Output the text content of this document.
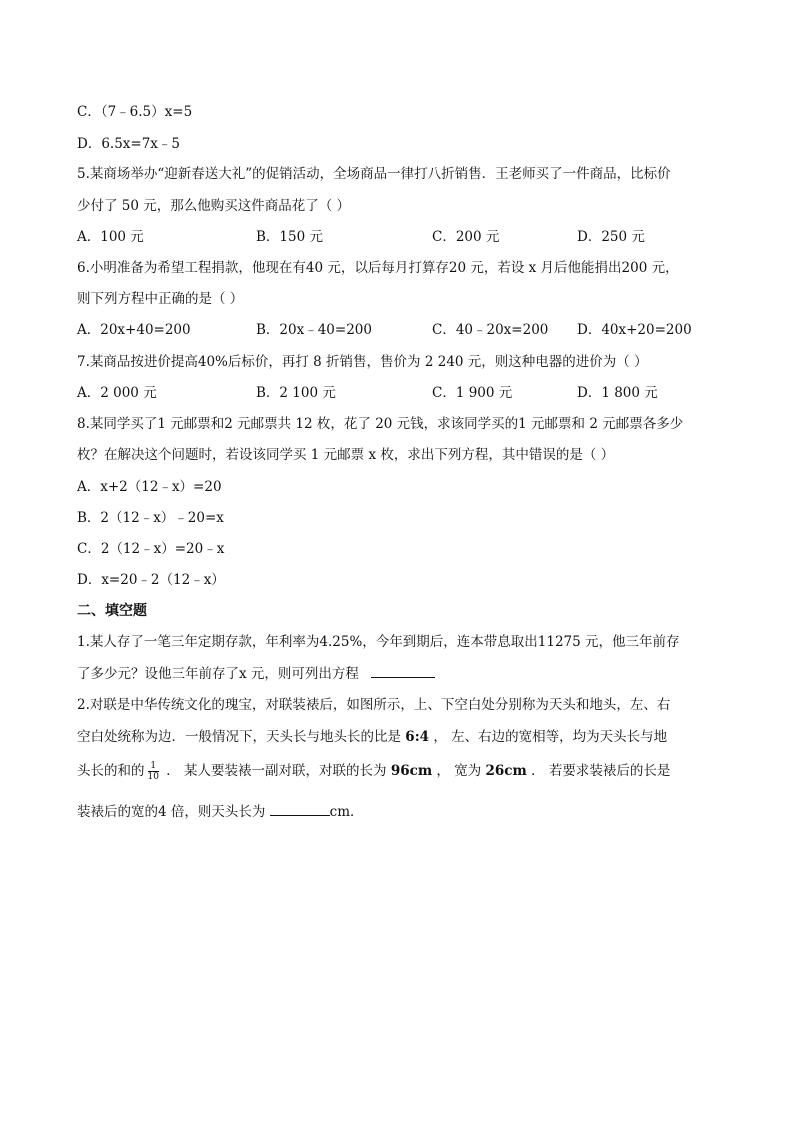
C．（7﹣6.5）x=5
D．6.5x=7x﹣5
5.某商场举办“迎新春送大礼”的促销活动，全场商品一律打八折销售．王老师买了一件商品，比标价
少付了 50 元，那么他购买这件商品花了（ ）
A．100 元	B．150 元	C．200 元	D．250 元
6.小明准备为希望工程捐款，他现在有40 元，以后每月打算存20 元，若设 x 月后他能捐出200 元，
则下列方程中正确的是（ ）
A．20x+40=200	B．20x﹣40=200	C．40﹣20x=200 D．40x+20=200
7.某商品按进价提高40%后标价，再打 8 折销售，售价为 2 240 元，则这种电器的进价为（ ）
A．2 000 元	B．2 100 元	C．1 900 元	D．1 800 元
8.某同学买了1 元邮票和2 元邮票共 12 枚，花了 20 元钱，求该同学买的1 元邮票和 2 元邮票各多少
枚？在解决这个问题时，若设该同学买 1 元邮票 x 枚，求出下列方程，其中错误的是（ ）
A．x+2（12﹣x）=20
B．2（12﹣x）﹣20=x
C．2（12﹣x）=20﹣x
D．x=20﹣2（12﹣x）
二、填空题
1.某人存了一笔三年定期存款，年利率为4.25%，今年到期后，连本带息取出11275 元，他三年前存
了多少元？设他三年前存了x 元，则可列出方程
2.对联是中华传统文化的瑰宝，对联装裱后，如图所示，上、下空白处分别称为天头和地头，左、右
空白处统称为边．一般情况下，天头长与地头长的比是 6:4 ， 左、右边的宽相等，均为天头长与地
头长的和的 $\frac{1}{10}$ ． 某人要装裱一副对联，对联的长为 96cm ， 宽为 26cm ． 若要求装裱后的长是
装裱后的宽的4 倍，则天头长为	cm．
